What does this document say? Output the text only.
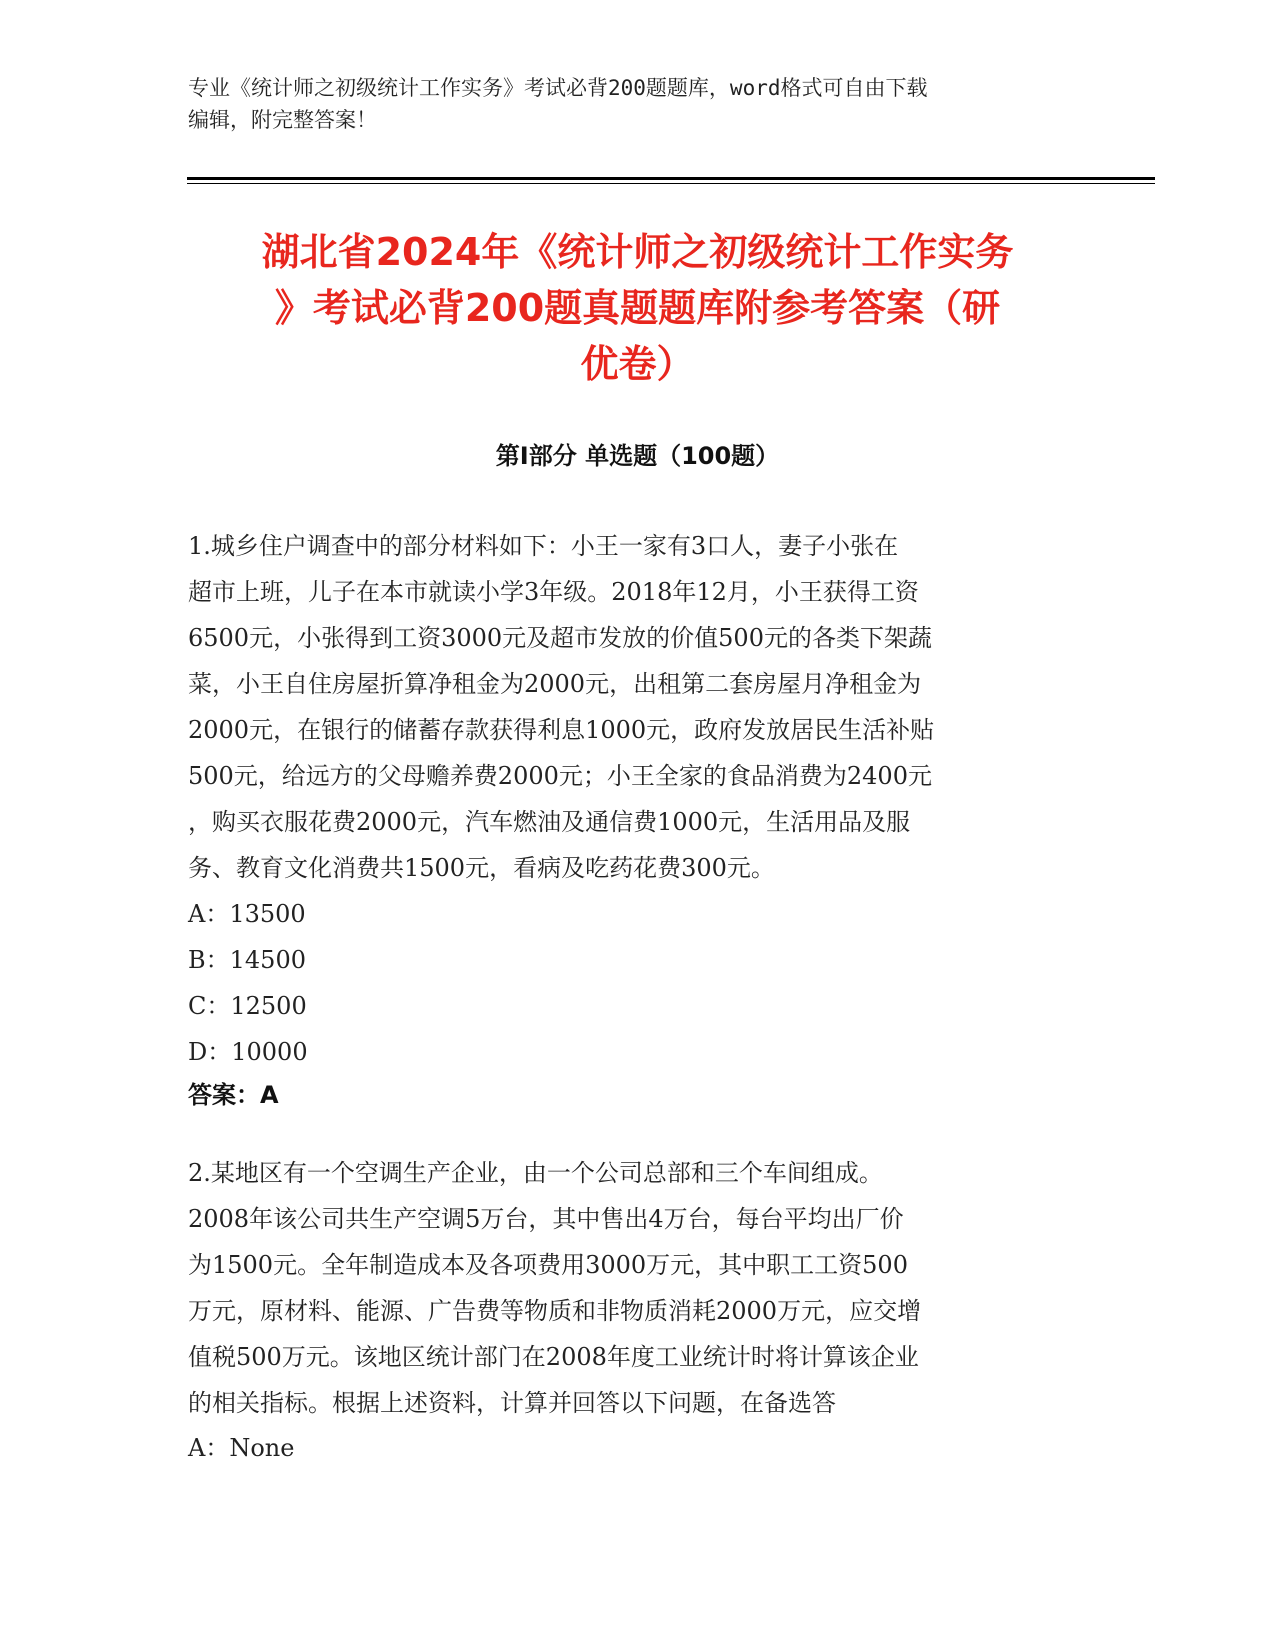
专业《统计师之初级统计工作实务》考试必背200题题库，word格式可自由下载
编辑，附完整答案！
湖北省2024年《统计师之初级统计工作实务
》考试必背200题真题题库附参考答案（研
优卷）
第Ⅰ部分 单选题（100题）
1.城乡住户调查中的部分材料如下：小王一家有3口人，妻子小张在
超市上班，儿子在本市就读小学3年级。2018年12月，小王获得工资
6500元，小张得到工资3000元及超市发放的价值500元的各类下架蔬
菜，小王自住房屋折算净租金为2000元，出租第二套房屋月净租金为
2000元，在银行的储蓄存款获得利息1000元，政府发放居民生活补贴
500元，给远方的父母赡养费2000元；小王全家的食品消费为2400元
，购买衣服花费2000元，汽车燃油及通信费1000元，生活用品及服
务、教育文化消费共1500元，看病及吃药花费300元。
A：13500
B：14500
C：12500
D：10000
答案：A
2.某地区有一个空调生产企业，由一个公司总部和三个车间组成。
2008年该公司共生产空调5万台，其中售出4万台，每台平均出厂价
为1500元。全年制造成本及各项费用3000万元，其中职工工资500
万元，原材料、能源、广告费等物质和非物质消耗2000万元，应交增
值税500万元。该地区统计部门在2008年度工业统计时将计算该企业
的相关指标。根据上述资料，计算并回答以下问题，在备选答
A：None
